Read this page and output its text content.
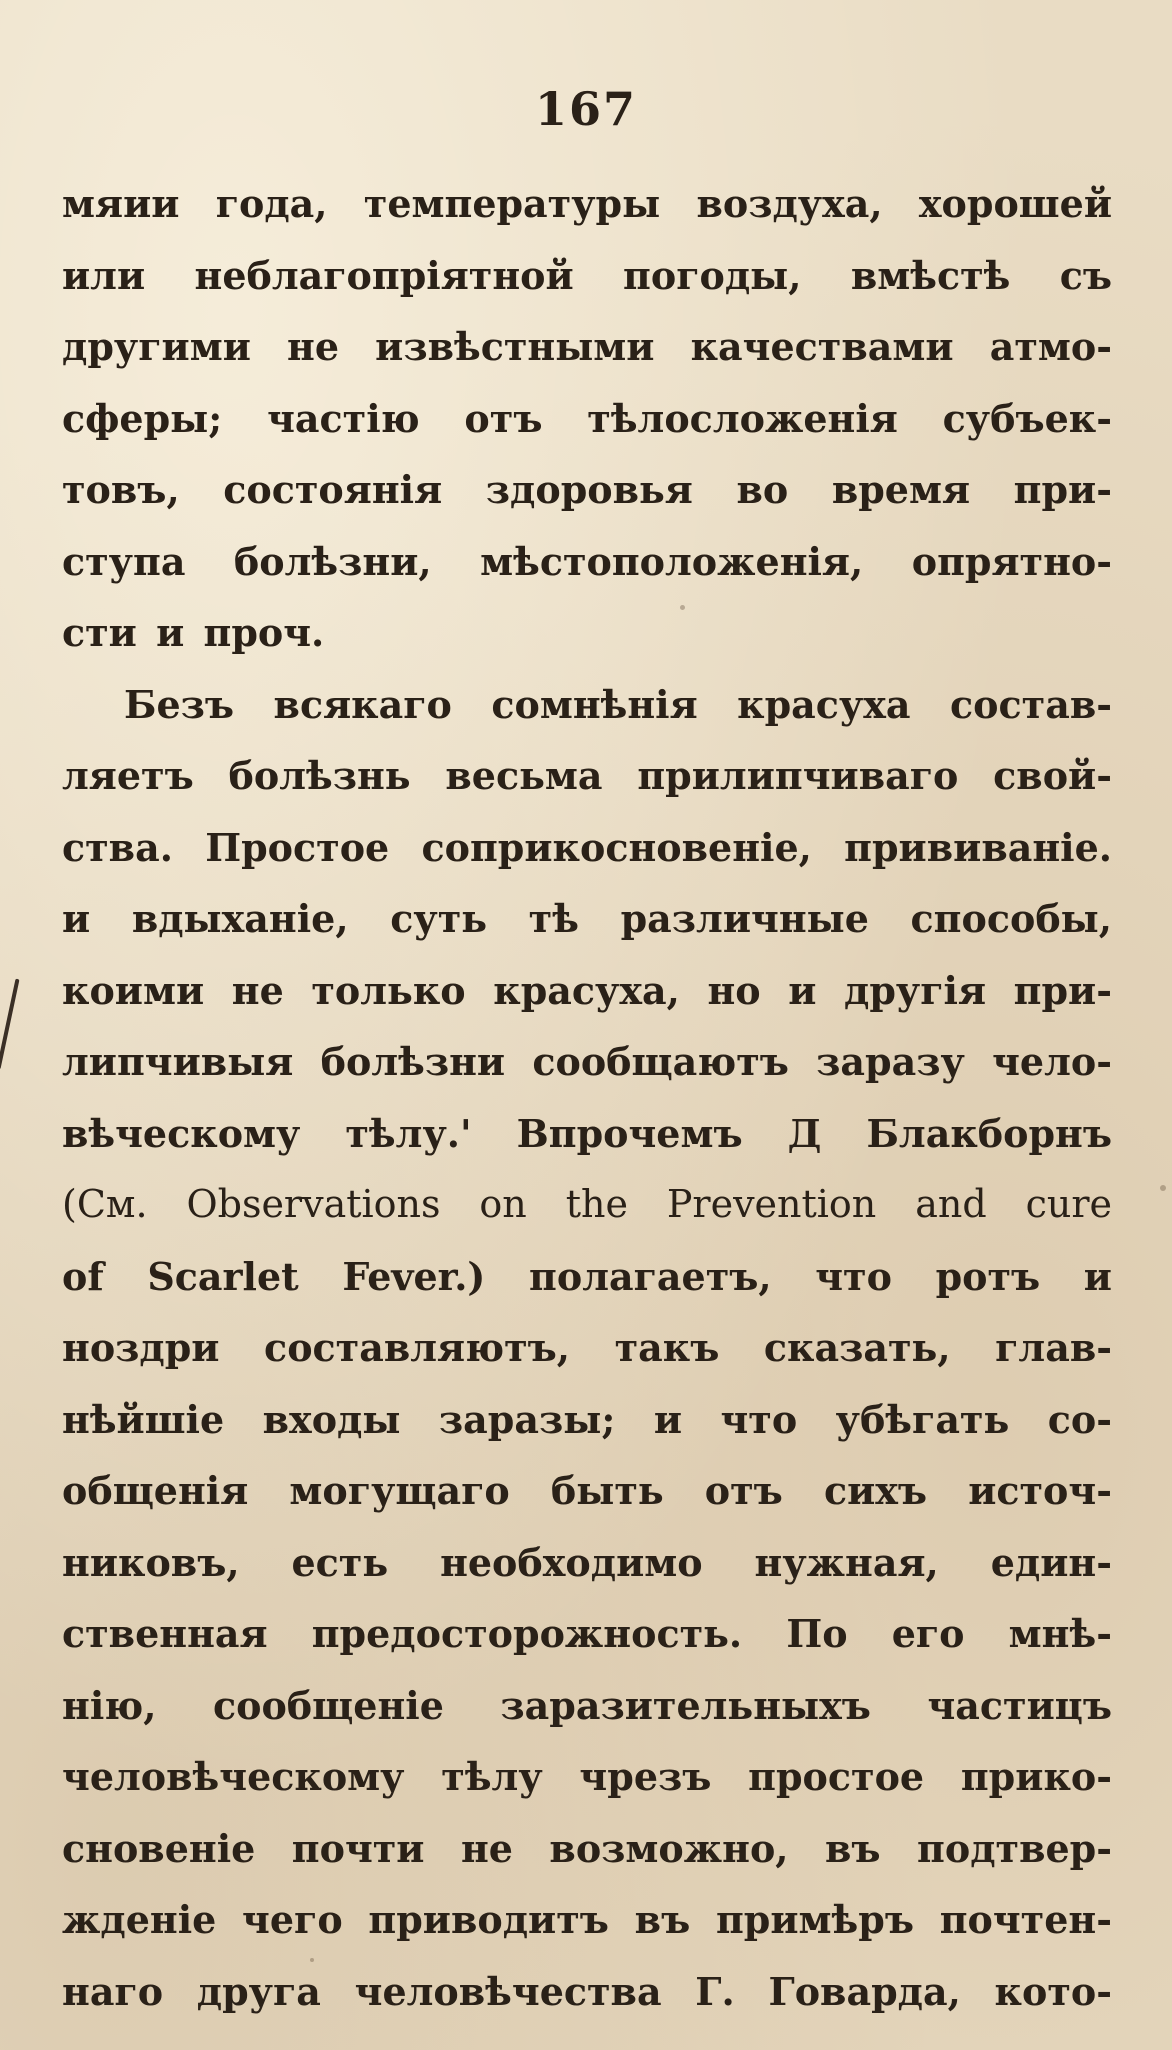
167
мяии года, температуры воздуха, хорошей
или неблагопріятной погоды, вмѣстѣ съ
другими не извѣстными качествами атмо-
сферы; частію отъ тѣлосложенія субъек-
товъ, состоянія здоровья во время при-
ступа болѣзни, мѣстоположенія, опрятно-
сти и проч.
Безъ всякаго сомнѣнія красуха состав-
ляетъ болѣзнь весьма прилипчиваго свой-
ства. Простое соприкосновеніе, прививаніе.
и вдыханіе, суть тѣ различные способы,
коими не только красуха, но и другія при-
липчивыя болѣзни сообщаютъ заразу чело-
вѣческому тѣлу.' Впрочемъ Д Блакборнъ
(См. Observations on the Prevention and cure
of Scarlet Fever.) полагаетъ, что ротъ и
ноздри составляютъ, такъ сказать, глав-
нѣйшіе входы заразы; и что убѣгать со-
общенія могущаго быть отъ сихъ источ-
никовъ, есть необходимо нужная, един-
ственная предосторожность. По его мнѣ-
нію, сообщеніе заразительныхъ частицъ
человѣческому тѣлу чрезъ простое прико-
сновеніе почти не возможно, въ подтвер-
жденіе чего приводитъ въ примѣръ почтен-
наго друга человѣчества Г. Говарда, кото-
